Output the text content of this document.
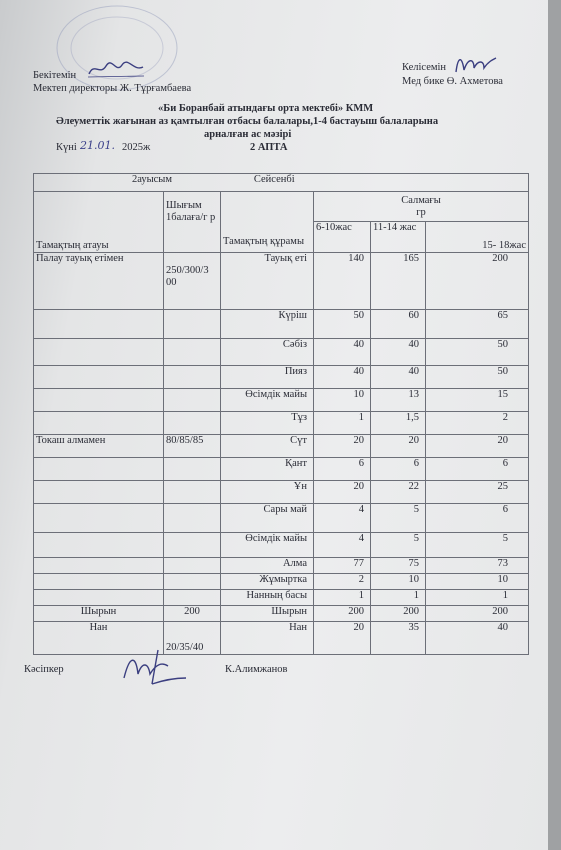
Бекітемін
Мектеп директоры Ж. Тұрғамбаева
Келісемін
Мед бике Ө. Ахметова
«Би Боранбай атындағы орта мектебі» КММ
Әлеуметтік жағынан аз қамтылған отбасы балалары,1-4 бастауыш балаларына
арналған ас мәзірі
Күні 21.01. 2025ж	2 АПТА
2ауысым Сейсенбі					
Тамақтың атауы	Шығым 1балаға/г р	Тамақтың құрамы	Салмағы
гр		

			6-10жас	11-14 жас	15- 18жас
Палау тауық етімен	250/300/3 00	Тауық еті	140	165	200
		Күріш	50	60	65
		Сәбіз	40	40	50
		Пияз	40	40	50
		Өсімдік майы	10	13	15
		Тұз	1	1,5	2
Токаш алмамен	80/85/85	Сүт	20	20	20
		Қант	6	6	6
		Ұн	20	22	25
		Сары май	4	5	6
		Өсімдік майы	4	5	5
		Алма	77	75	73
		Жұмыртка	2	10	10
		Нанның басы	1	1	1
Шырын	200	Шырын	200	200	200
Нан	20/35/40	Нан	20	35	40
Кәсіпкер	К.Алимжанов
